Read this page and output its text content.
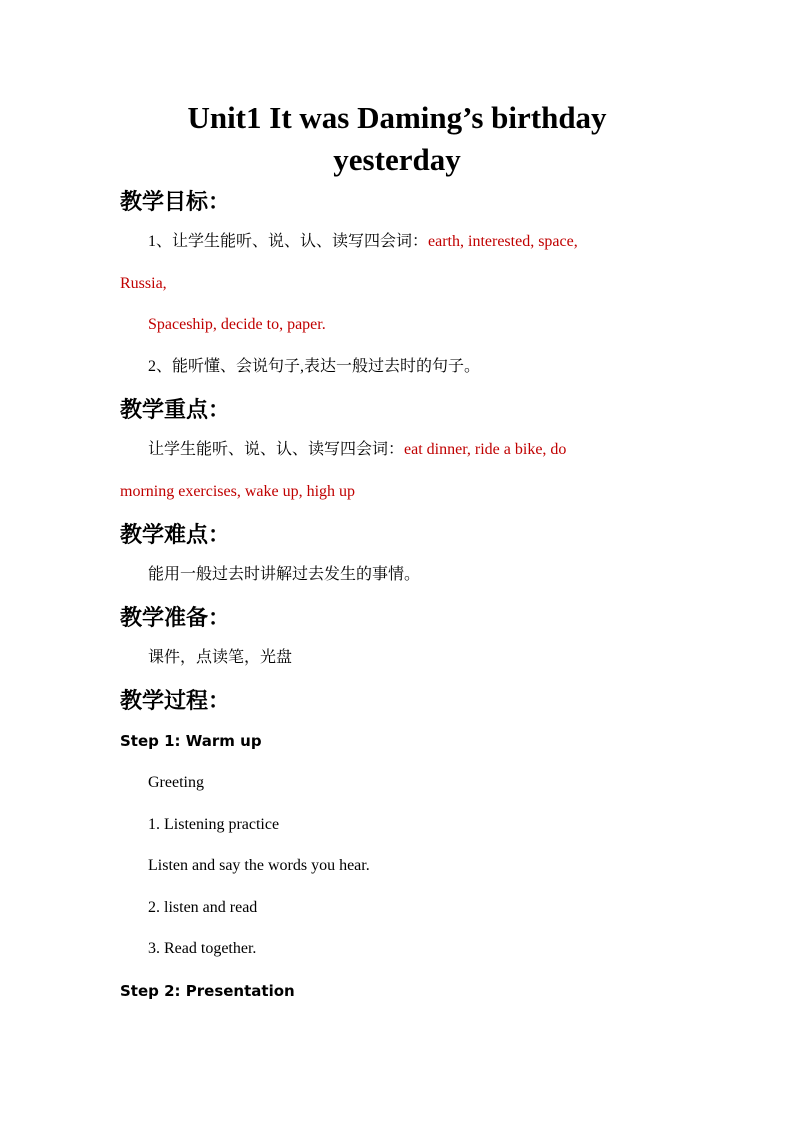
Unit1 It was Daming’s birthday
yesterday
教学目标：
1、让学生能听、说、认、读写四会词：earth, interested, space,
Russia,
Spaceship, decide to, paper.
2、能听懂、会说句子,表达一般过去时的句子。
教学重点：
让学生能听、说、认、读写四会词：eat dinner, ride a bike, do
morning exercises, wake up, high up
教学难点：
能用一般过去时讲解过去发生的事情。
教学准备：
课件，点读笔，光盘
教学过程：
Step 1: Warm up
Greeting
1. Listening practice
Listen and say the words you hear.
2. listen and read
3. Read together.
Step 2: Presentation
